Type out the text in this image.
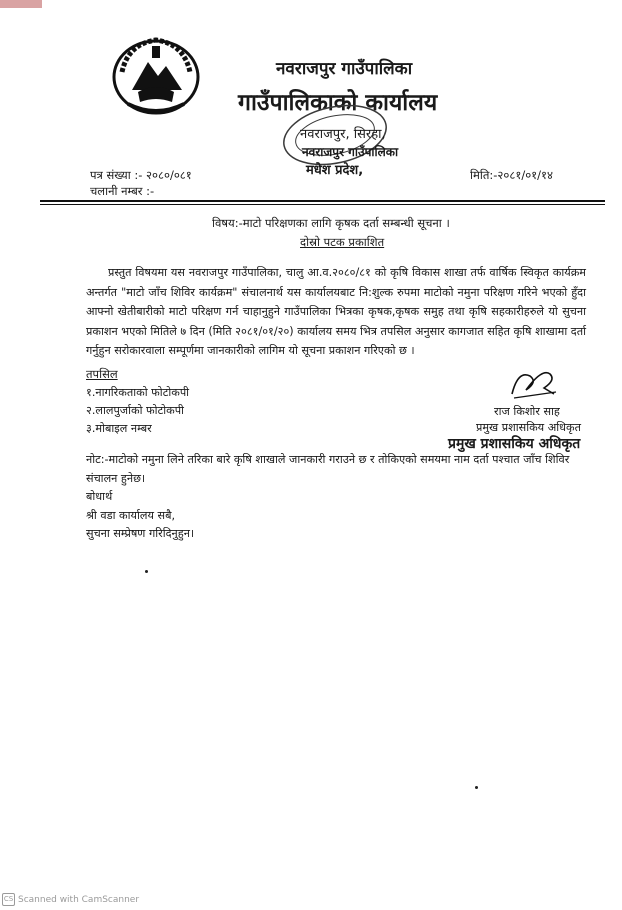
नवराजपुर गाउँपालिका
गाउँपालिकाको कार्यालय
नवराजपुर, सिरहा,
नवराजपुर गाउँपालिका
मधेश प्रदेश,
पत्र संख्या :- २०८०/०८१
चलानी नम्बर :-
मिति:-२०८१/०१/१४
विषय:-माटो परिक्षणका लागि कृषक दर्ता सम्बन्धी सूचना ।
दोस्रो पटक प्रकाशित
प्रस्तुत विषयमा यस नवराजपुर गाउँपालिका, चालु आ.व.२०८०/८१ को कृषि विकास शाखा तर्फ वार्षिक स्विकृत कार्यक्रम अन्तर्गत "माटो जाँच शिविर कार्यक्रम" संचालनार्थ यस कार्यालयबाट नि:शुल्क रुपमा माटोको नमुना परिक्षण गरिने भएको हुँदा आफ्नो खेतीबारीको माटो परिक्षण गर्न चाहानुहुने गाउँपालिका भित्रका कृषक,कृषक समुह तथा कृषि सहकारीहरुले यो सुचना प्रकाशन भएको मितिले ७ दिन (मिति २०८१/०१/२०) कार्यालय समय भित्र तपसिल अनुसार कागजात सहित कृषि शाखामा दर्ता गर्नुहुन सरोकारवाला सम्पूर्णमा जानकारीको लागिम यो सूचना प्रकाशन गरिएको छ ।
तपसिल
१.नागरिकताको फोटोकपी
२.लालपुर्जाको फोटोकपी
३.मोबाइल नम्बर
राज किशोर साह
प्रमुख प्रशासकिय अधिकृत
प्रमुख प्रशासकिय अधिकृत
नोट:-माटोको नमुना लिने तरिका बारे कृषि शाखाले जानकारी गराउने छ र तोकिएको समयमा नाम दर्ता पश्चात जाँच शिविर संचालन हुनेछ।
बोधार्थ
श्री वडा कार्यालय सबै,
सुचना सम्प्रेषण गरिदिनुहुन।
CS Scanned with CamScanner
